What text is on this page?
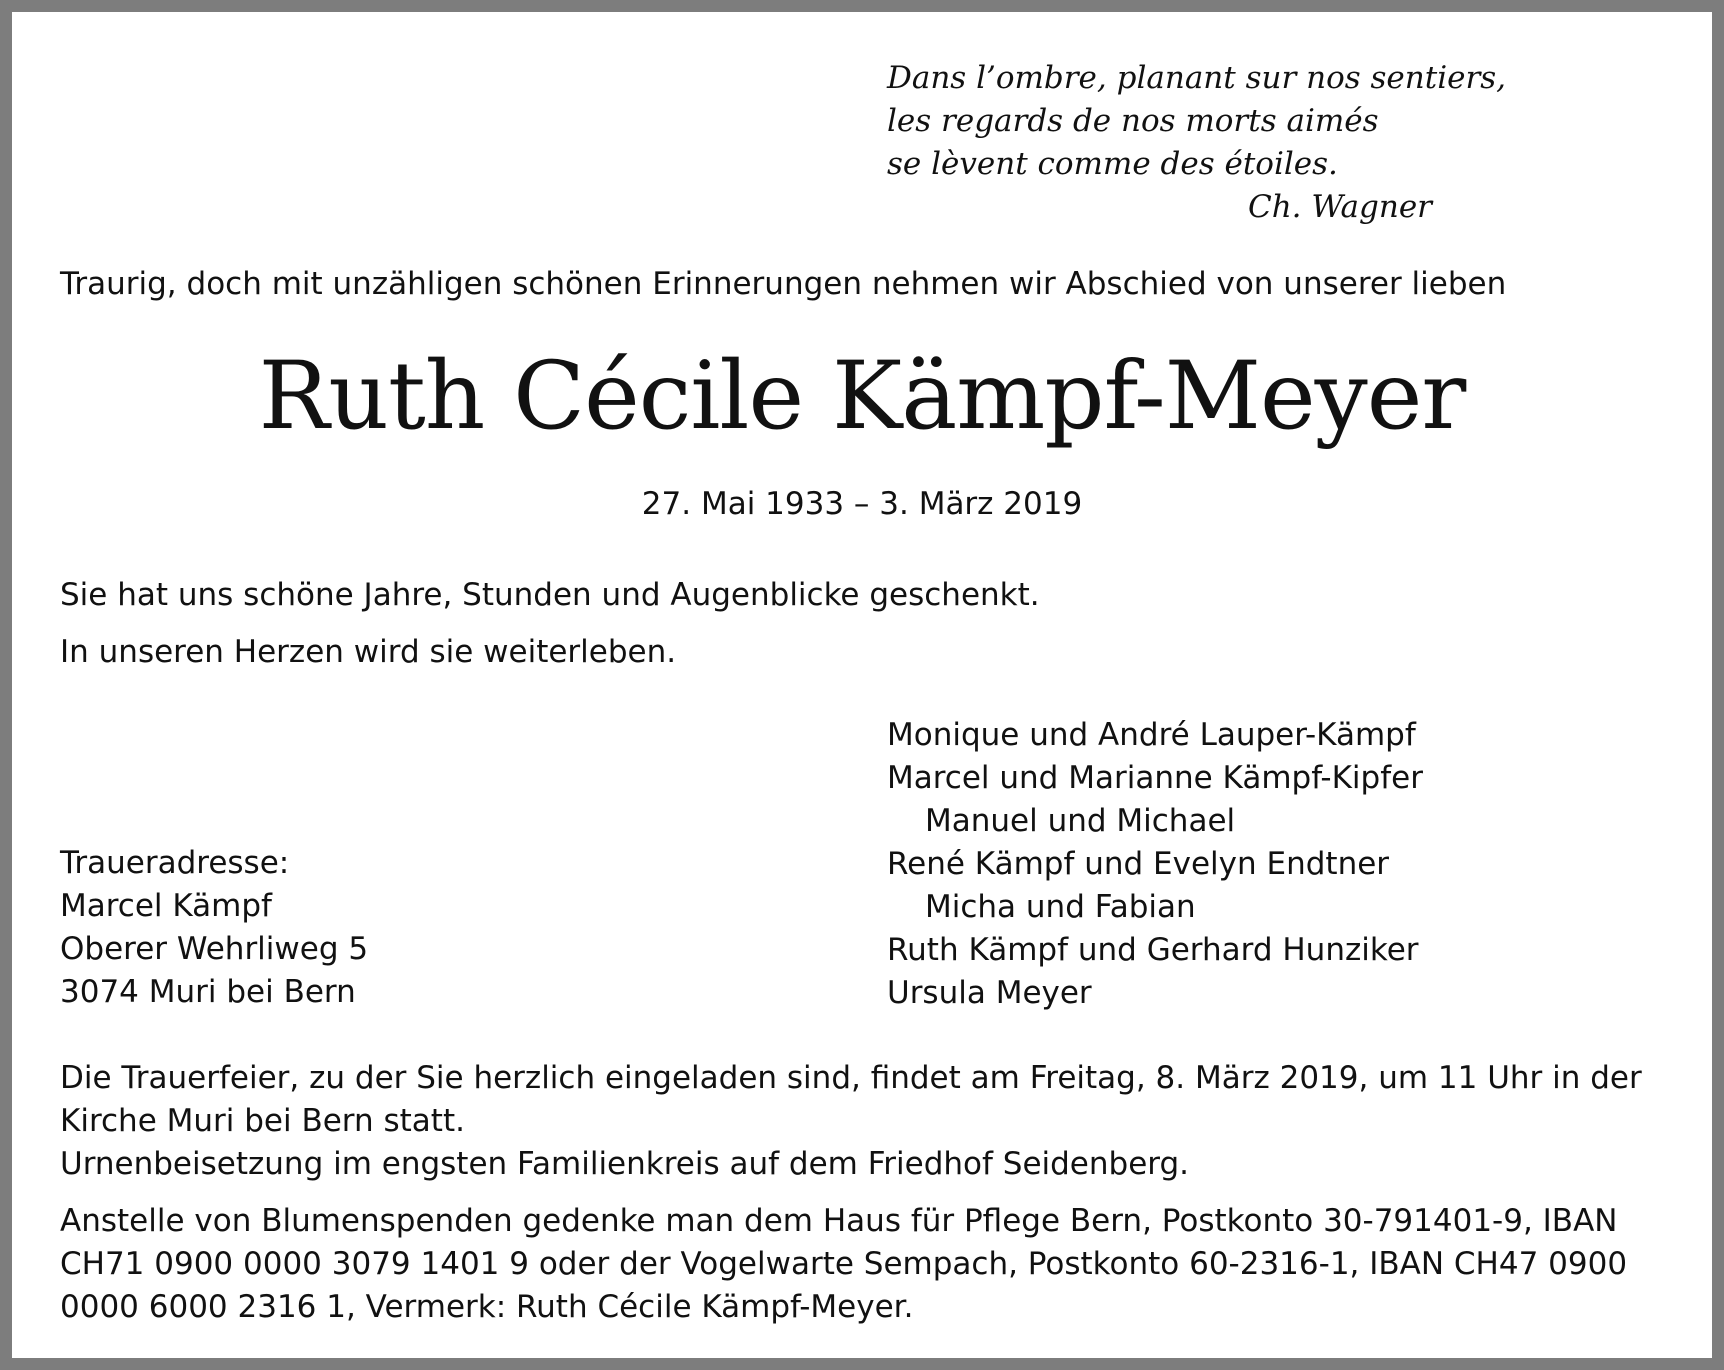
Dans l’ombre, planant sur nos sentiers,
les regards de nos morts aimés
se lèvent comme des étoiles.
Ch. Wagner
Traurig, doch mit unzähligen schönen Erinnerungen nehmen wir Abschied von unserer lieben
Ruth Cécile Kämpf-Meyer
27. Mai 1933 – 3. März 2019
Sie hat uns schöne Jahre, Stunden und Augenblicke geschenkt.
In unseren Herzen wird sie weiterleben.
Traueradresse:
Marcel Kämpf
Oberer Wehrliweg 5
3074 Muri bei Bern
Monique und André Lauper-Kämpf
Marcel und Marianne Kämpf-Kipfer
Manuel und Michael
René Kämpf und Evelyn Endtner
Micha und Fabian
Ruth Kämpf und Gerhard Hunziker
Ursula Meyer
Die Trauerfeier, zu der Sie herzlich eingeladen sind, findet am Freitag, 8. März 2019, um 11 Uhr in der Kirche Muri bei Bern statt.
Urnenbeisetzung im engsten Familienkreis auf dem Friedhof Seidenberg.
Anstelle von Blumenspenden gedenke man dem Haus für Pflege Bern, Postkonto 30-791401-9, IBAN CH71 0900 0000 3079 1401 9 oder der Vogelwarte Sempach, Postkonto 60-2316-1, IBAN CH47 0900 0000 6000 2316 1, Vermerk: Ruth Cécile Kämpf-Meyer.
